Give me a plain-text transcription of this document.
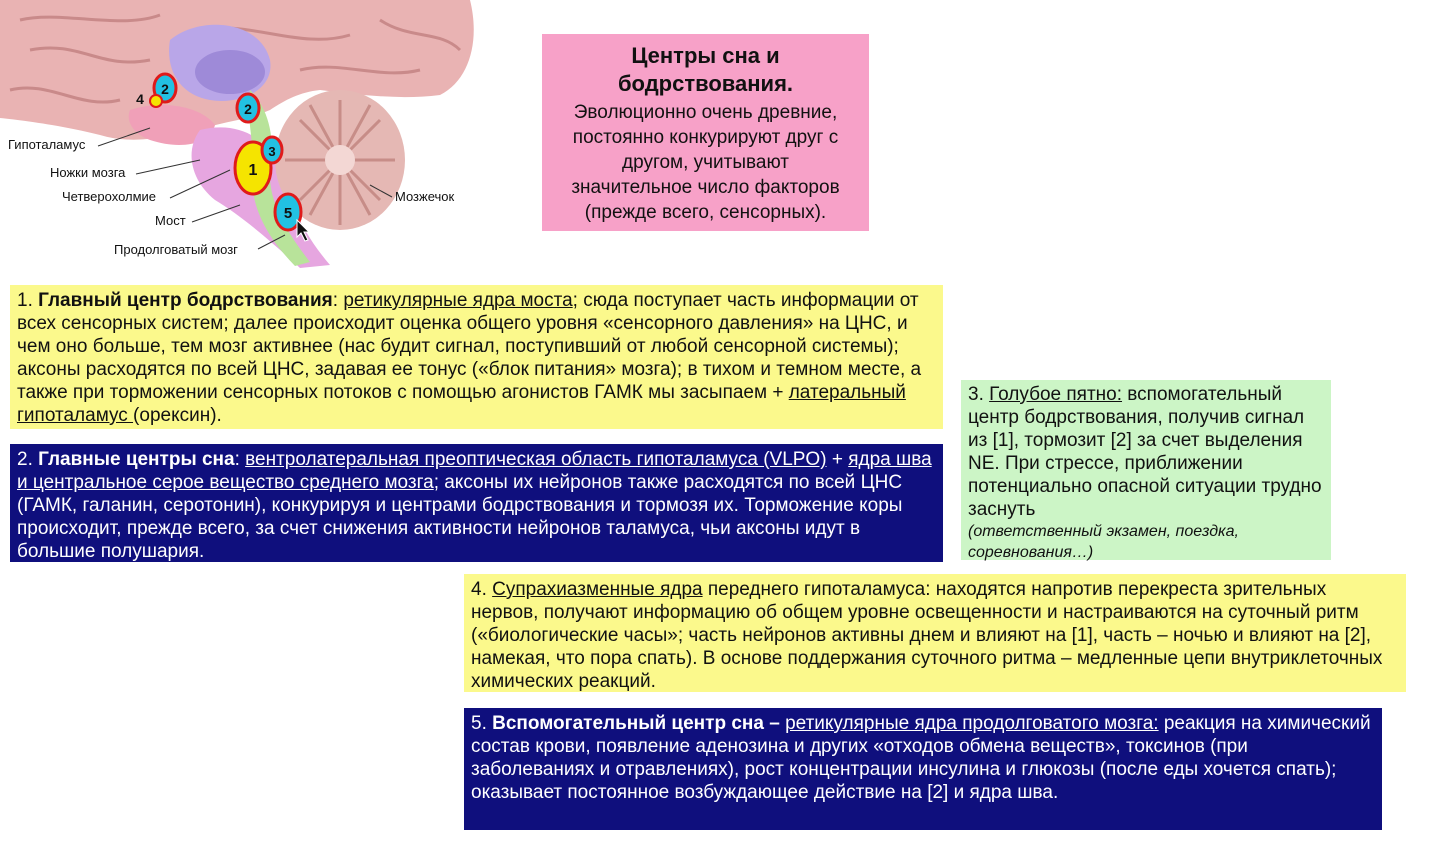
1
2
2
3
4
5
Гипоталамус
Ножки мозга
Четверохолмие
Мост
Продолговатый мозг
Мозжечок
Центры сна и
бодрствования.
Эволюционно очень древние,
постоянно конкурируют друг с
другом, учитывают
значительное число факторов
(прежде всего, сенсорных).
1. Главный центр бодрствования: ретикулярные ядра моста; сюда поступает часть информации от всех сенсорных систем; далее происходит оценка общего уровня «сенсорного давления» на ЦНС, и чем оно больше, тем мозг активнее (нас будит сигнал, поступивший от любой сенсорной системы); аксоны расходятся по всей ЦНС, задавая ее тонус («блок питания» мозга); в тихом и темном месте, а также при торможении сенсорных потоков с помощью агонистов ГАМК мы засыпаем + латеральный гипоталамус (орексин).
2. Главные центры сна: вентролатеральная преоптическая область гипоталамуса (VLPO) + ядра шва и центральное серое вещество среднего мозга; аксоны их нейронов также расходятся по всей ЦНС (ГАМК, галанин, серотонин), конкурируя и центрами бодрствования и тормозя их. Торможение коры происходит, прежде всего, за счет снижения активности нейронов таламуса, чьи аксоны идут в большие полушария.
3. Голубое пятно: вспомогательный центр бодрствования, получив сигнал из [1], тормозит [2] за счет выделения NE. При стрессе, приближении потенциально опасной ситуации трудно заснуть
(ответственный экзамен, поездка, соревнования…)
4. Супрахиазменные ядра переднего гипоталамуса: находятся напротив перекреста зрительных нервов, получают информацию об общем уровне освещенности и настраиваются на суточный ритм («биологические часы»; часть нейронов активны днем и влияют на [1], часть – ночью и влияют на [2], намекая, что пора спать). В основе поддержания суточного ритма – медленные цепи внутриклеточных химических реакций.
5. Вспомогательный центр сна – ретикулярные ядра продолговатого мозга: реакция на химический состав крови, появление аденозина и других «отходов обмена веществ», токсинов (при заболеваниях и отравлениях), рост концентрации инсулина и глюкозы (после еды хочется спать); оказывает постоянное возбуждающее действие на [2] и ядра шва.
